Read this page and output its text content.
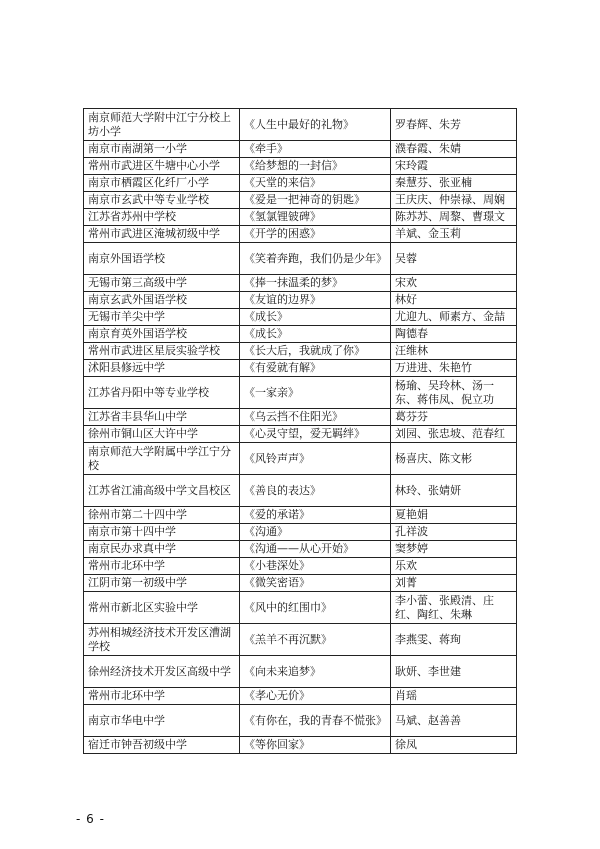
南京师范大学附中江宁分校上坊小学	《人生中最好的礼物》	罗春辉、朱芳
南京市南湖第一小学	《牵手》	濮春霞、朱婧
常州市武进区牛塘中心小学	《给梦想的一封信》	宋玲霞
南京市栖霞区化纤厂小学	《天堂的来信》	秦慧芬、张亚楠
南京市玄武中等专业学校	《爱是一把神奇的钥匙》	王庆庆、仲崇禄、周娴
江苏省苏州中学校	《氢氯锂铍碑》	陈苏苏、周黎、曹璟文
常州市武进区淹城初级中学	《开学的困惑》	羊斌、金玉莉
南京外国语学校	《笑着奔跑，我们仍是少年》	吴蓉
无锡市第三高级中学	《捧一抹温柔的梦》	宋欢
南京玄武外国语学校	《友谊的边界》	林好
无锡市羊尖中学	《成长》	尤迎九、师素方、金喆
南京育英外国语学校	《成长》	陶德春
常州市武进区星辰实验学校	《长大后，我就成了你》	汪维林
沭阳县修远中学	《有爱就有解》	万进进、朱艳竹
江苏省丹阳中等专业学校	《一家亲》	杨瑜、吴玲林、汤一东、蒋伟凤、倪立功
江苏省丰县华山中学	《乌云挡不住阳光》	葛芬芬
徐州市铜山区大许中学	《心灵守望，爱无羁绊》	刘园、张忠坡、范春红
南京师范大学附属中学江宁分校	《风铃声声》	杨喜庆、陈文彬
江苏省江浦高级中学文昌校区	《善良的表达》	林玲、张婧妍
徐州市第二十四中学	《爱的承诺》	夏艳娟
南京市第十四中学	《沟通》	孔祥波
南京民办求真中学	《沟通——从心开始》	窦梦婷
常州市北环中学	《小巷深处》	乐欢
江阴市第一初级中学	《微笑密语》	刘菁
常州市新北区实验中学	《风中的红围巾》	李小蕾、张殿清、庄红、陶红、朱琳
苏州相城经济技术开发区漕湖学校	《羔羊不再沉默》	李燕雯、蒋珣
徐州经济技术开发区高级中学	《向未来追梦》	耿妍、李世建
常州市北环中学	《孝心无价》	肖瑶
南京市华电中学	《有你在，我的青春不慌张》	马斌、赵善善
宿迁市钟吾初级中学	《等你回家》	徐凤
- 6 -
